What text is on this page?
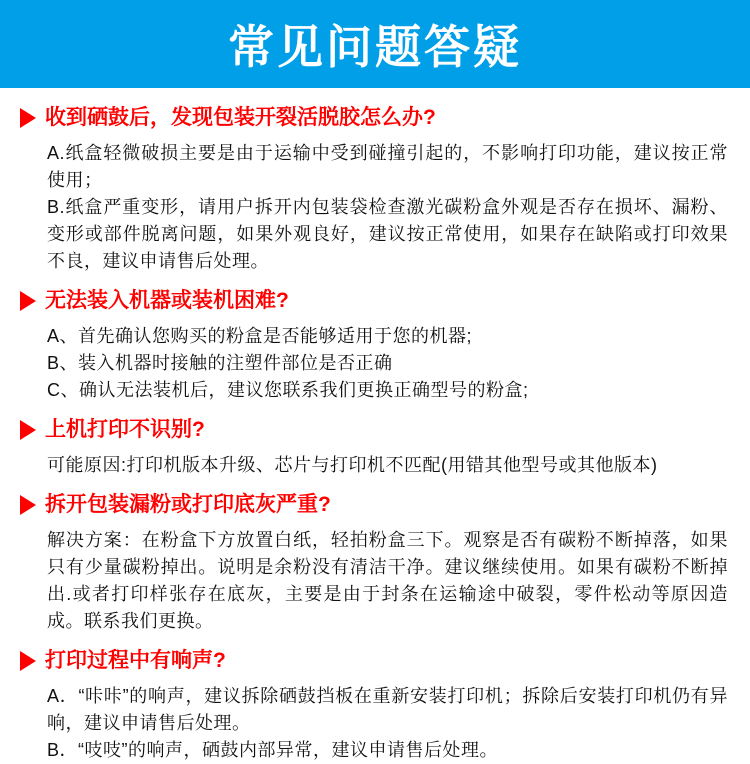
常见问题答疑
收到硒鼓后，发现包装开裂活脱胶怎么办?

A.纸盒轻微破损主要是由于运输中受到碰撞引起的，不影响打印功能，建议按正常使用；

B.纸盒严重变形，请用户拆开内包装袋检查激光碳粉盒外观是否存在损坏、漏粉、变形或部件脱离问题，如果外观良好，建议按正常使用，如果存在缺陷或打印效果不良，建议申请售后处理。

无法装入机器或装机困难?

A、首先确认您购买的粉盒是否能够适用于您的机器;

B、装入机器时接触的注塑件部位是否正确

C、确认无法装机后，建议您联系我们更换正确型号的粉盒;

上机打印不识别?

可能原因:打印机版本升级、芯片与打印机不匹配(用错其他型号或其他版本)

拆开包装漏粉或打印底灰严重?

解决方案：在粉盒下方放置白纸，轻拍粉盒三下。观察是否有碳粉不断掉落，如果只有少量碳粉掉出。说明是余粉没有清洁干净。建议继续使用。如果有碳粉不断掉出.或者打印样张存在底灰，主要是由于封条在运输途中破裂，零件松动等原因造成。联系我们更换。

打印过程中有响声?

A．“咔咔”的响声，建议拆除硒鼓挡板在重新安装打印机；拆除后安装打印机仍有异响，建议申请售后处理。

B．“吱吱”的响声，硒鼓内部异常，建议申请售后处理。
